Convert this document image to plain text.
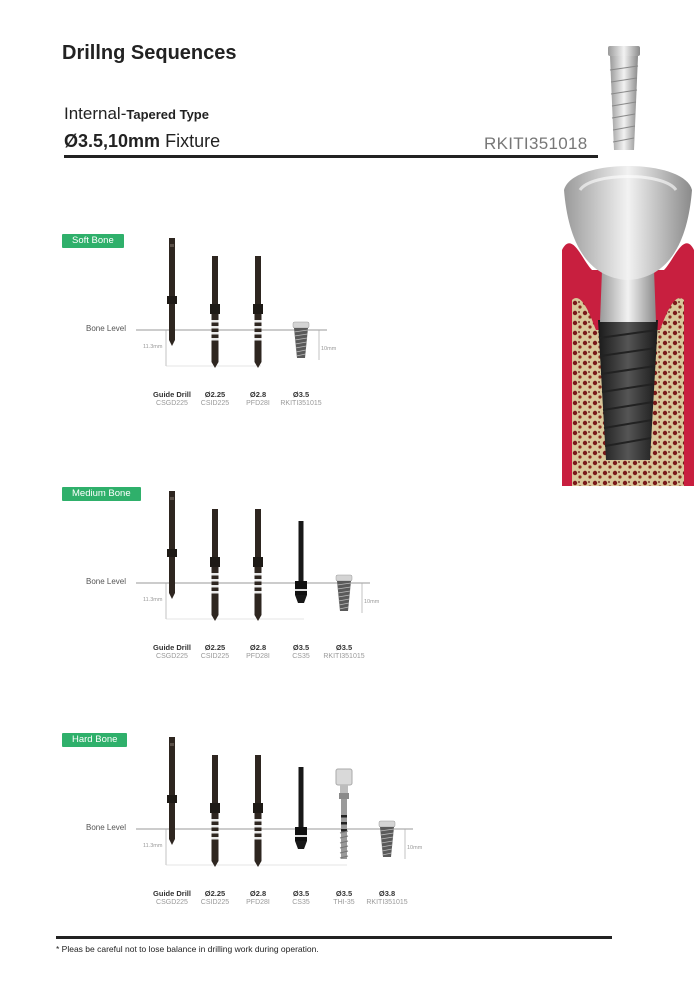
Drillng Sequences
Internal-Tapered Type
Ø3.5,10mm Fixture	RKITI351018
Soft Bone
Bone Level
Guide Drill
CSGD225
Ø2.25
CSID225
Ø2.8
PFD28I
Ø3.5
RKITI351015
11.3mm	10mm
Medium Bone
Bone Level
Guide Drill
CSGD225
Ø2.25
CSID225
Ø2.8
PFD28I
Ø3.5
CS35
Ø3.5
RKITI351015
11.3mm	10mm
Hard Bone
Bone Level
Guide Drill
CSGD225
Ø2.25
CSID225
Ø2.8
PFD28I
Ø3.5
CS35
Ø3.5
THI-35
Ø3.8
RKITI351015
11.3mm	10mm
* Pleas be careful not to lose balance in drilling work during operation.
